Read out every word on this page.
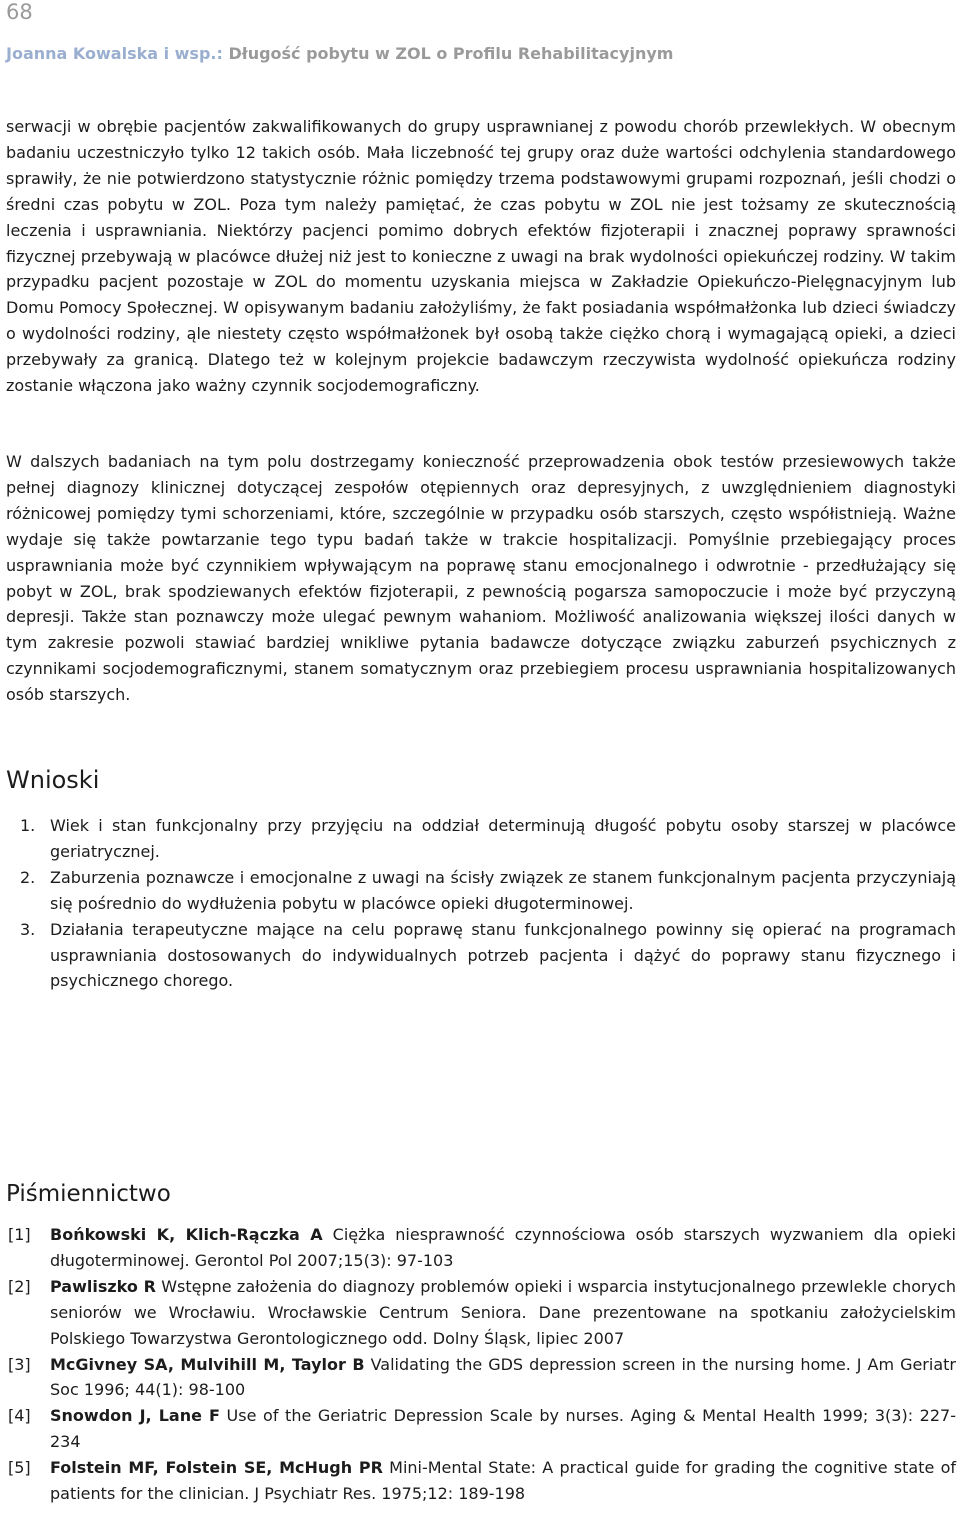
68
Joanna Kowalska i wsp.: Długość pobytu w ZOL o Profilu Rehabilitacyjnym

serwacji w obrębie pacjentów zakwalifikowanych do grupy usprawnianej z powodu chorób przewlekłych. W obecnym badaniu uczestniczyło tylko 12 takich osób. Mała liczebność tej grupy oraz duże wartości odchylenia standardowego sprawiły, że nie potwierdzono statystycznie różnic pomiędzy trzema podstawowymi grupami rozpoznań, jeśli chodzi o średni czas pobytu w ZOL. Poza tym należy pamiętać, że czas pobytu w ZOL nie jest tożsamy ze skutecznością leczenia i usprawniania. Niektórzy pacjenci pomimo dobrych efektów fizjoterapii i znacznej poprawy sprawności fizycznej przebywają w placówce dłużej niż jest to konieczne z uwagi na brak wydolności opiekuńczej rodziny. W takim przypadku pacjent pozostaje w ZOL do momentu uzyskania miejsca w Zakładzie Opiekuńczo-Pielęgnacyjnym lub Domu Pomocy Społecznej. W opisywanym badaniu założyliśmy, że fakt posiadania współmałżonka lub dzieci świadczy o wydolności rodziny, ąle niestety często współmałżonek był osobą także ciężko chorą i wymagającą opieki, a dzieci przebywały za granicą. Dlatego też w kolejnym projekcie badawczym rzeczywista wydolność opiekuńcza rodziny zostanie włączona jako ważny czynnik socjodemograficzny.

W dalszych badaniach na tym polu dostrzegamy konieczność przeprowadzenia obok testów przesiewowych także pełnej diagnozy klinicznej dotyczącej zespołów otępiennych oraz depresyjnych, z uwzględnieniem diagnostyki różnicowej pomiędzy tymi schorzeniami, które, szczególnie w przypadku osób starszych, często współistnieją. Ważne wydaje się także powtarzanie tego typu badań także w trakcie hospitalizacji. Pomyślnie przebiegający proces usprawniania może być czynnikiem wpływającym na poprawę stanu emocjonalnego i odwrotnie - przedłużający się pobyt w ZOL, brak spodziewanych efektów fizjoterapii, z pewnością pogarsza samopoczucie i może być przyczyną depresji. Także stan poznawczy może ulegać pewnym wahaniom. Możliwość analizowania większej ilości danych w tym zakresie pozwoli stawiać bardziej wnikliwe pytania badawcze dotyczące związku zaburzeń psychicznych z czynnikami socjodemograficznymi, stanem somatycznym oraz przebiegiem procesu usprawniania hospitalizowanych osób starszych.

Wnioski
1. Wiek i stan funkcjonalny przy przyjęciu na oddział determinują długość pobytu osoby starszej w placówce geriatrycznej.
2. Zaburzenia poznawcze i emocjonalne z uwagi na ścisły związek ze stanem funkcjonalnym pacjenta przyczyniają się pośrednio do wydłużenia pobytu w placówce opieki długoterminowej.
3. Działania terapeutyczne mające na celu poprawę stanu funkcjonalnego powinny się opierać na programach usprawniania dostosowanych do indywidualnych potrzeb pacjenta i dążyć do poprawy stanu fizycznego i psychicznego chorego.
Piśmiennictwo
[1] Bońkowski K, Klich-Rączka A Ciężka niesprawność czynnościowa osób starszych wyzwaniem dla opieki długoterminowej. Gerontol Pol 2007;15(3): 97-103
[2] Pawliszko R Wstępne założenia do diagnozy problemów opieki i wsparcia instytucjonalnego przewlekle chorych seniorów we Wrocławiu. Wrocławskie Centrum Seniora. Dane prezentowane na spotkaniu założycielskim Polskiego Towarzystwa Gerontologicznego odd. Dolny Śląsk, lipiec 2007
[3] McGivney SA, Mulvihill M, Taylor B Validating the GDS depression screen in the nursing home. J Am Geriatr Soc 1996; 44(1): 98-100
[4] Snowdon J, Lane F Use of the Geriatric Depression Scale by nurses. Aging & Mental Health 1999; 3(3): 227-234
[5] Folstein MF, Folstein SE, McHugh PR Mini-Mental State: A practical guide for grading the cognitive state of patients for the clinician. J Psychiatr Res. 1975;12: 189-198
